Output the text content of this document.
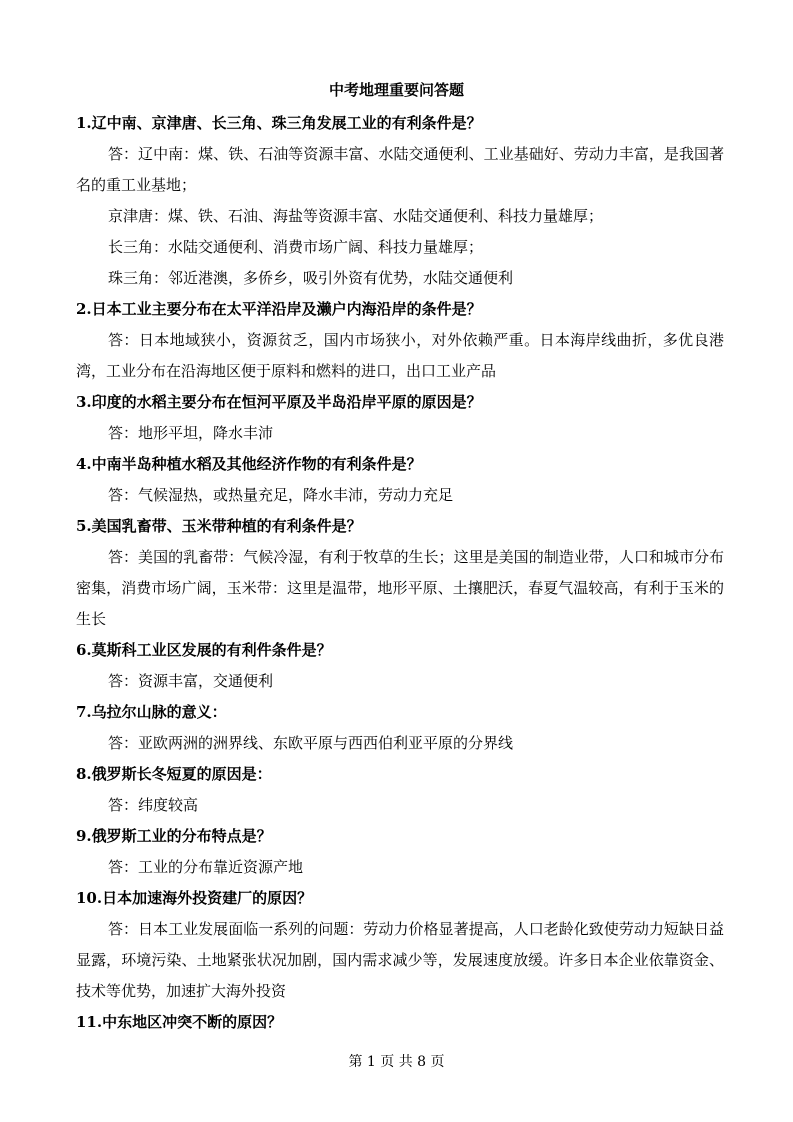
中考地理重要问答题
1.辽中南、京津唐、长三角、珠三角发展工业的有利条件是？

答：辽中南：煤、铁、石油等资源丰富、水陆交通便利、工业基础好、劳动力丰富，是我国著名的重工业基地；

京津唐：煤、铁、石油、海盐等资源丰富、水陆交通便利、科技力量雄厚；

长三角：水陆交通便利、消费市场广阔、科技力量雄厚；

珠三角：邻近港澳，多侨乡，吸引外资有优势，水陆交通便利

2.日本工业主要分布在太平洋沿岸及濑户内海沿岸的条件是？

答：日本地域狭小，资源贫乏，国内市场狭小，对外依赖严重。日本海岸线曲折，多优良港湾，工业分布在沿海地区便于原料和燃料的进口，出口工业产品

3.印度的水稻主要分布在恒河平原及半岛沿岸平原的原因是？

答：地形平坦，降水丰沛

4.中南半岛种植水稻及其他经济作物的有利条件是？

答：气候湿热，或热量充足，降水丰沛，劳动力充足

5.美国乳畜带、玉米带种植的有利条件是？

答：美国的乳畜带：气候冷湿，有利于牧草的生长；这里是美国的制造业带，人口和城市分布密集，消费市场广阔，玉米带：这里是温带，地形平原、土攘肥沃，春夏气温较高，有利于玉米的生长

6.莫斯科工业区发展的有利件条件是？

答：资源丰富，交通便利

7.乌拉尔山脉的意义：

答：亚欧两洲的洲界线、东欧平原与西西伯利亚平原的分界线

8.俄罗斯长冬短夏的原因是：

答：纬度较高

9.俄罗斯工业的分布特点是？

答：工业的分布靠近资源产地

10.日本加速海外投资建厂的原因？

答：日本工业发展面临一系列的问题：劳动力价格显著提高，人口老龄化致使劳动力短缺日益显露，环境污染、土地紧张状况加剧，国内需求减少等，发展速度放缓。许多日本企业依靠资金、技术等优势，加速扩大海外投资

11.中东地区冲突不断的原因？
第 1 页 共 8 页
